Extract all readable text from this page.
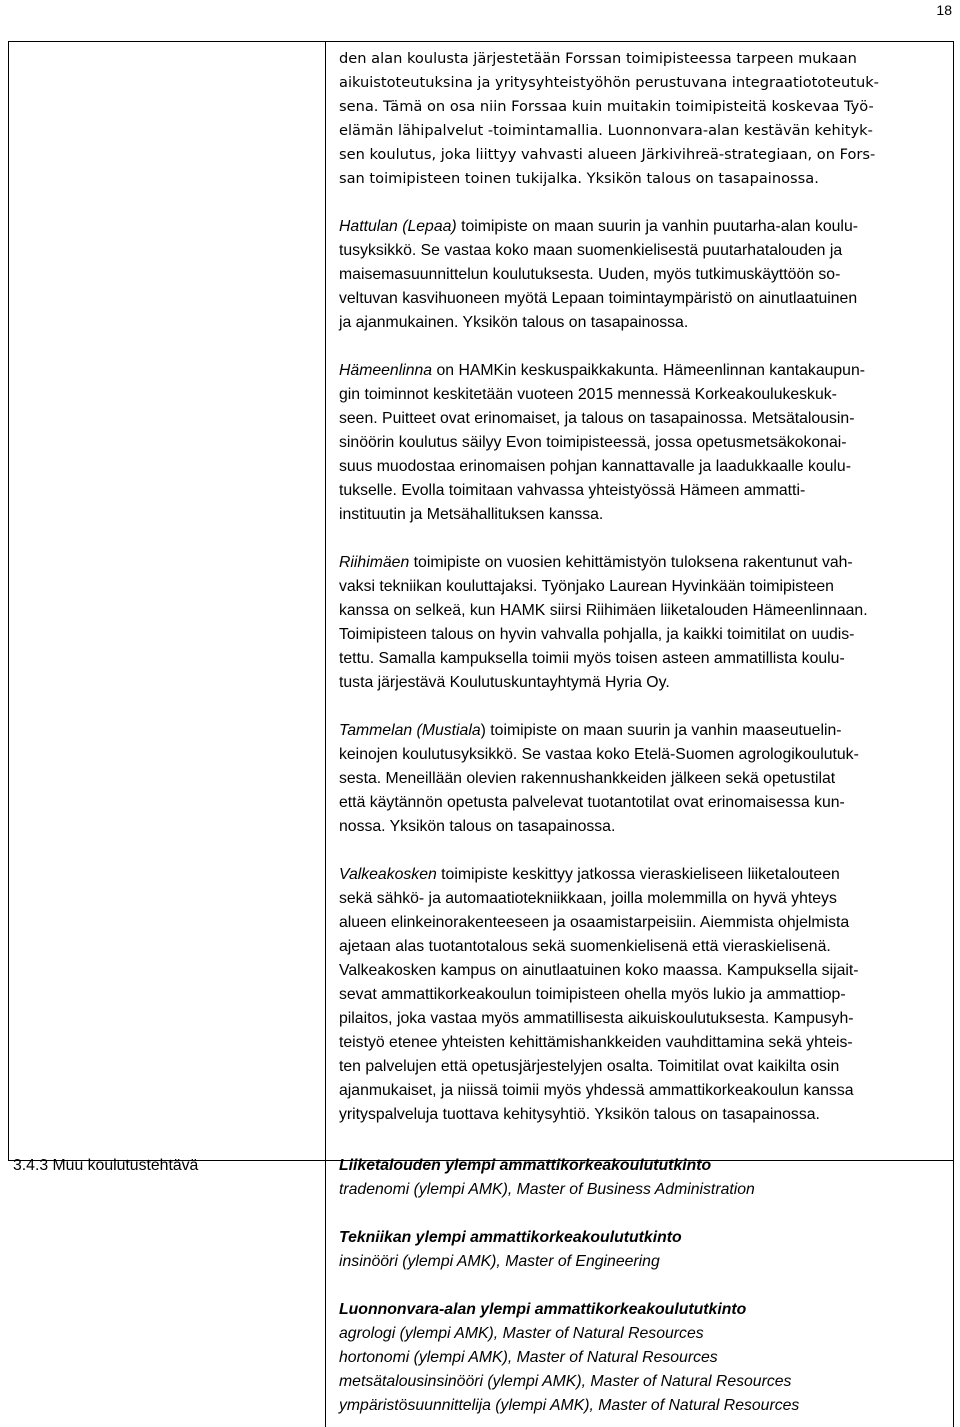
18
den alan koulusta järjestetään Forssan toimipisteessa tarpeen mukaan
aikuistoteutuksina ja yritysyhteistyöhön perustuvana integraatiototeutuk-
sena. Tämä on osa niin Forssaa kuin muitakin toimipisteitä koskevaa Työ-
elämän lähipalvelut -toimintamallia. Luonnonvara-alan kestävän kehityk-
sen koulutus, joka liittyy vahvasti alueen Järkivihreä-strategiaan, on Fors-
san toimipisteen toinen tukijalka. Yksikön talous on tasapainossa.
Hattulan (Lepaa) toimipiste on maan suurin ja vanhin puutarha-alan koulu-
tusyksikkö. Se vastaa koko maan suomenkielisestä puutarhatalouden ja
maisemasuunnittelun koulutuksesta. Uuden, myös tutkimuskäyttöön so-
veltuvan kasvihuoneen myötä Lepaan toimintaympäristö on ainutlaatuinen
ja ajanmukainen. Yksikön talous on tasapainossa.
Hämeenlinna on HAMKin keskuspaikkakunta. Hämeenlinnan kantakaupun-
gin toiminnot keskitetään vuoteen 2015 mennessä Korkeakoulukeskuk-
seen. Puitteet ovat erinomaiset, ja talous on tasapainossa. Metsätalousin-
sinöörin koulutus säilyy Evon toimipisteessä, jossa opetusmetsäkokonai-
suus muodostaa erinomaisen pohjan kannattavalle ja laadukkaalle koulu-
tukselle. Evolla toimitaan vahvassa yhteistyössä Hämeen ammatti-
instituutin ja Metsähallituksen kanssa.
Riihimäen toimipiste on vuosien kehittämistyön tuloksena rakentunut vah-
vaksi tekniikan kouluttajaksi. Työnjako Laurean Hyvinkään toimipisteen
kanssa on selkeä, kun HAMK siirsi Riihimäen liiketalouden Hämeenlinnaan.
Toimipisteen talous on hyvin vahvalla pohjalla, ja kaikki toimitilat on uudis-
tettu. Samalla kampuksella toimii myös toisen asteen ammatillista koulu-
tusta järjestävä Koulutuskuntayhtymä Hyria Oy.
Tammelan (Mustiala) toimipiste on maan suurin ja vanhin maaseutuelin-
keinojen koulutusyksikkö. Se vastaa koko Etelä-Suomen agrologikoulutuk-
sesta. Meneillään olevien rakennushankkeiden jälkeen sekä opetustilat
että käytännön opetusta palvelevat tuotantotilat ovat erinomaisessa kun-
nossa. Yksikön talous on tasapainossa.
Valkeakosken toimipiste keskittyy jatkossa vieraskieliseen liiketalouteen
sekä sähkö- ja automaatiotekniikkaan, joilla molemmilla on hyvä yhteys
alueen elinkeinorakenteeseen ja osaamistarpeisiin. Aiemmista ohjelmista
ajetaan alas tuotantotalous sekä suomenkielisenä että vieraskielisenä.
Valkeakosken kampus on ainutlaatuinen koko maassa. Kampuksella sijait-
sevat ammattikorkeakoulun toimipisteen ohella myös lukio ja ammattiop-
pilaitos, joka vastaa myös ammatillisesta aikuiskoulutuksesta. Kampusyh-
teistyö etenee yhteisten kehittämishankkeiden vauhdittamina sekä yhteis-
ten palvelujen että opetusjärjestelyjen osalta. Toimitilat ovat kaikilta osin
ajanmukaiset, ja niissä toimii myös yhdessä ammattikorkeakoulun kanssa
yrityspalveluja tuottava kehitysyhtiö. Yksikön talous on tasapainossa.
3.4.3 Muu koulutustehtävä	Liiketalouden ylempi ammattikorkeakoulututkinto
tradenomi (ylempi AMK), Master of Business Administration
Tekniikan ylempi ammattikorkeakoulututkinto
insinööri (ylempi AMK), Master of Engineering
Luonnonvara-alan ylempi ammattikorkeakoulututkinto
agrologi (ylempi AMK), Master of Natural Resources
hortonomi (ylempi AMK), Master of Natural Resources
metsätalousinsinööri (ylempi AMK), Master of Natural Resources
ympäristösuunnittelija (ylempi AMK), Master of Natural Resources
